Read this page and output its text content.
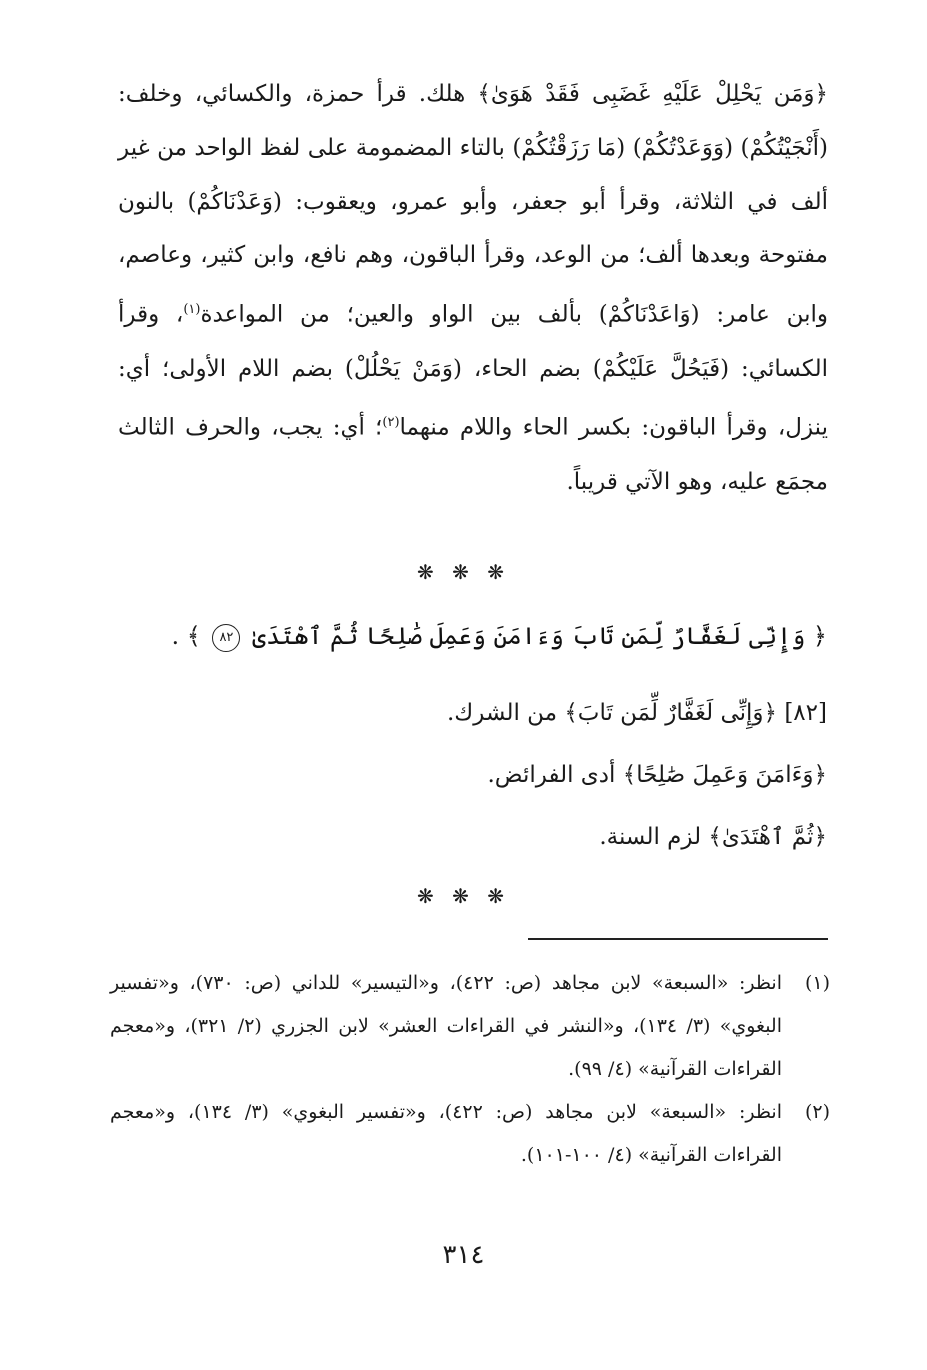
﴿وَمَن يَحْلِلْ عَلَيْهِ غَضَبِى فَقَدْ هَوَىٰ﴾ هلك. قرأ حمزة، والكسائي، وخلف: (أَنْجَيْتُكُمْ) (وَوَعَدْتُكُمْ) (مَا رَزَقْتُكُمْ) بالتاء المضمومة على لفظ الواحد من غير ألف في الثلاثة، وقرأ أبو جعفر، وأبو عمرو، ويعقوب: (وَعَدْنَاكُمْ) بالنون مفتوحة وبعدها ألف؛ من الوعد، وقرأ الباقون، وهم نافع، وابن كثير، وعاصم، وابن عامر: (وَاعَدْنَاكُمْ) بألف بين الواو والعين؛ من المواعدة$^{(١)}$، وقرأ الكسائي: (فَيَحُلَّ عَلَيْكُمْ) بضم الحاء، (وَمَنْ يَحْلُلْ) بضم اللام الأولى؛ أي: ينزل، وقرأ الباقون: بكسر الحاء واللام منهما$^{(٢)}$؛ أي: يجب، والحرف الثالث مجمَع عليه، وهو الآتي قريباً.

❋ ❋ ❋
﴿ وَإِنِّى لَغَفَّارٌ لِّمَن تَابَ وَءَامَنَ وَعَمِلَ صَٰلِحًا ثُمَّ ٱهْتَدَىٰ ٨٢ ﴾ .
[٨٢] ﴿وَإِنِّى لَغَفَّارٌ لِّمَن تَابَ﴾ من الشرك.
﴿وَءَامَنَ وَعَمِلَ صَٰلِحًا﴾ أدى الفرائض.
﴿ثُمَّ ٱهْتَدَىٰ﴾ لزم السنة.
❋ ❋ ❋
(١)
انظر: «السبعة» لابن مجاهد (ص: ٤٢٢)، و«التيسير» للداني (ص: ٧٣٠)، و«تفسير البغوي» (٣/ ١٣٤)، و«النشر في القراءات العشر» لابن الجزري (٢/ ٣٢١)، و«معجم القراءات القرآنية» (٤/ ٩٩).
(٢)
انظر: «السبعة» لابن مجاهد (ص: ٤٢٢)، و«تفسير البغوي» (٣/ ١٣٤)، و«معجم القراءات القرآنية» (٤/ ١٠٠-١٠١).
٣١٤
